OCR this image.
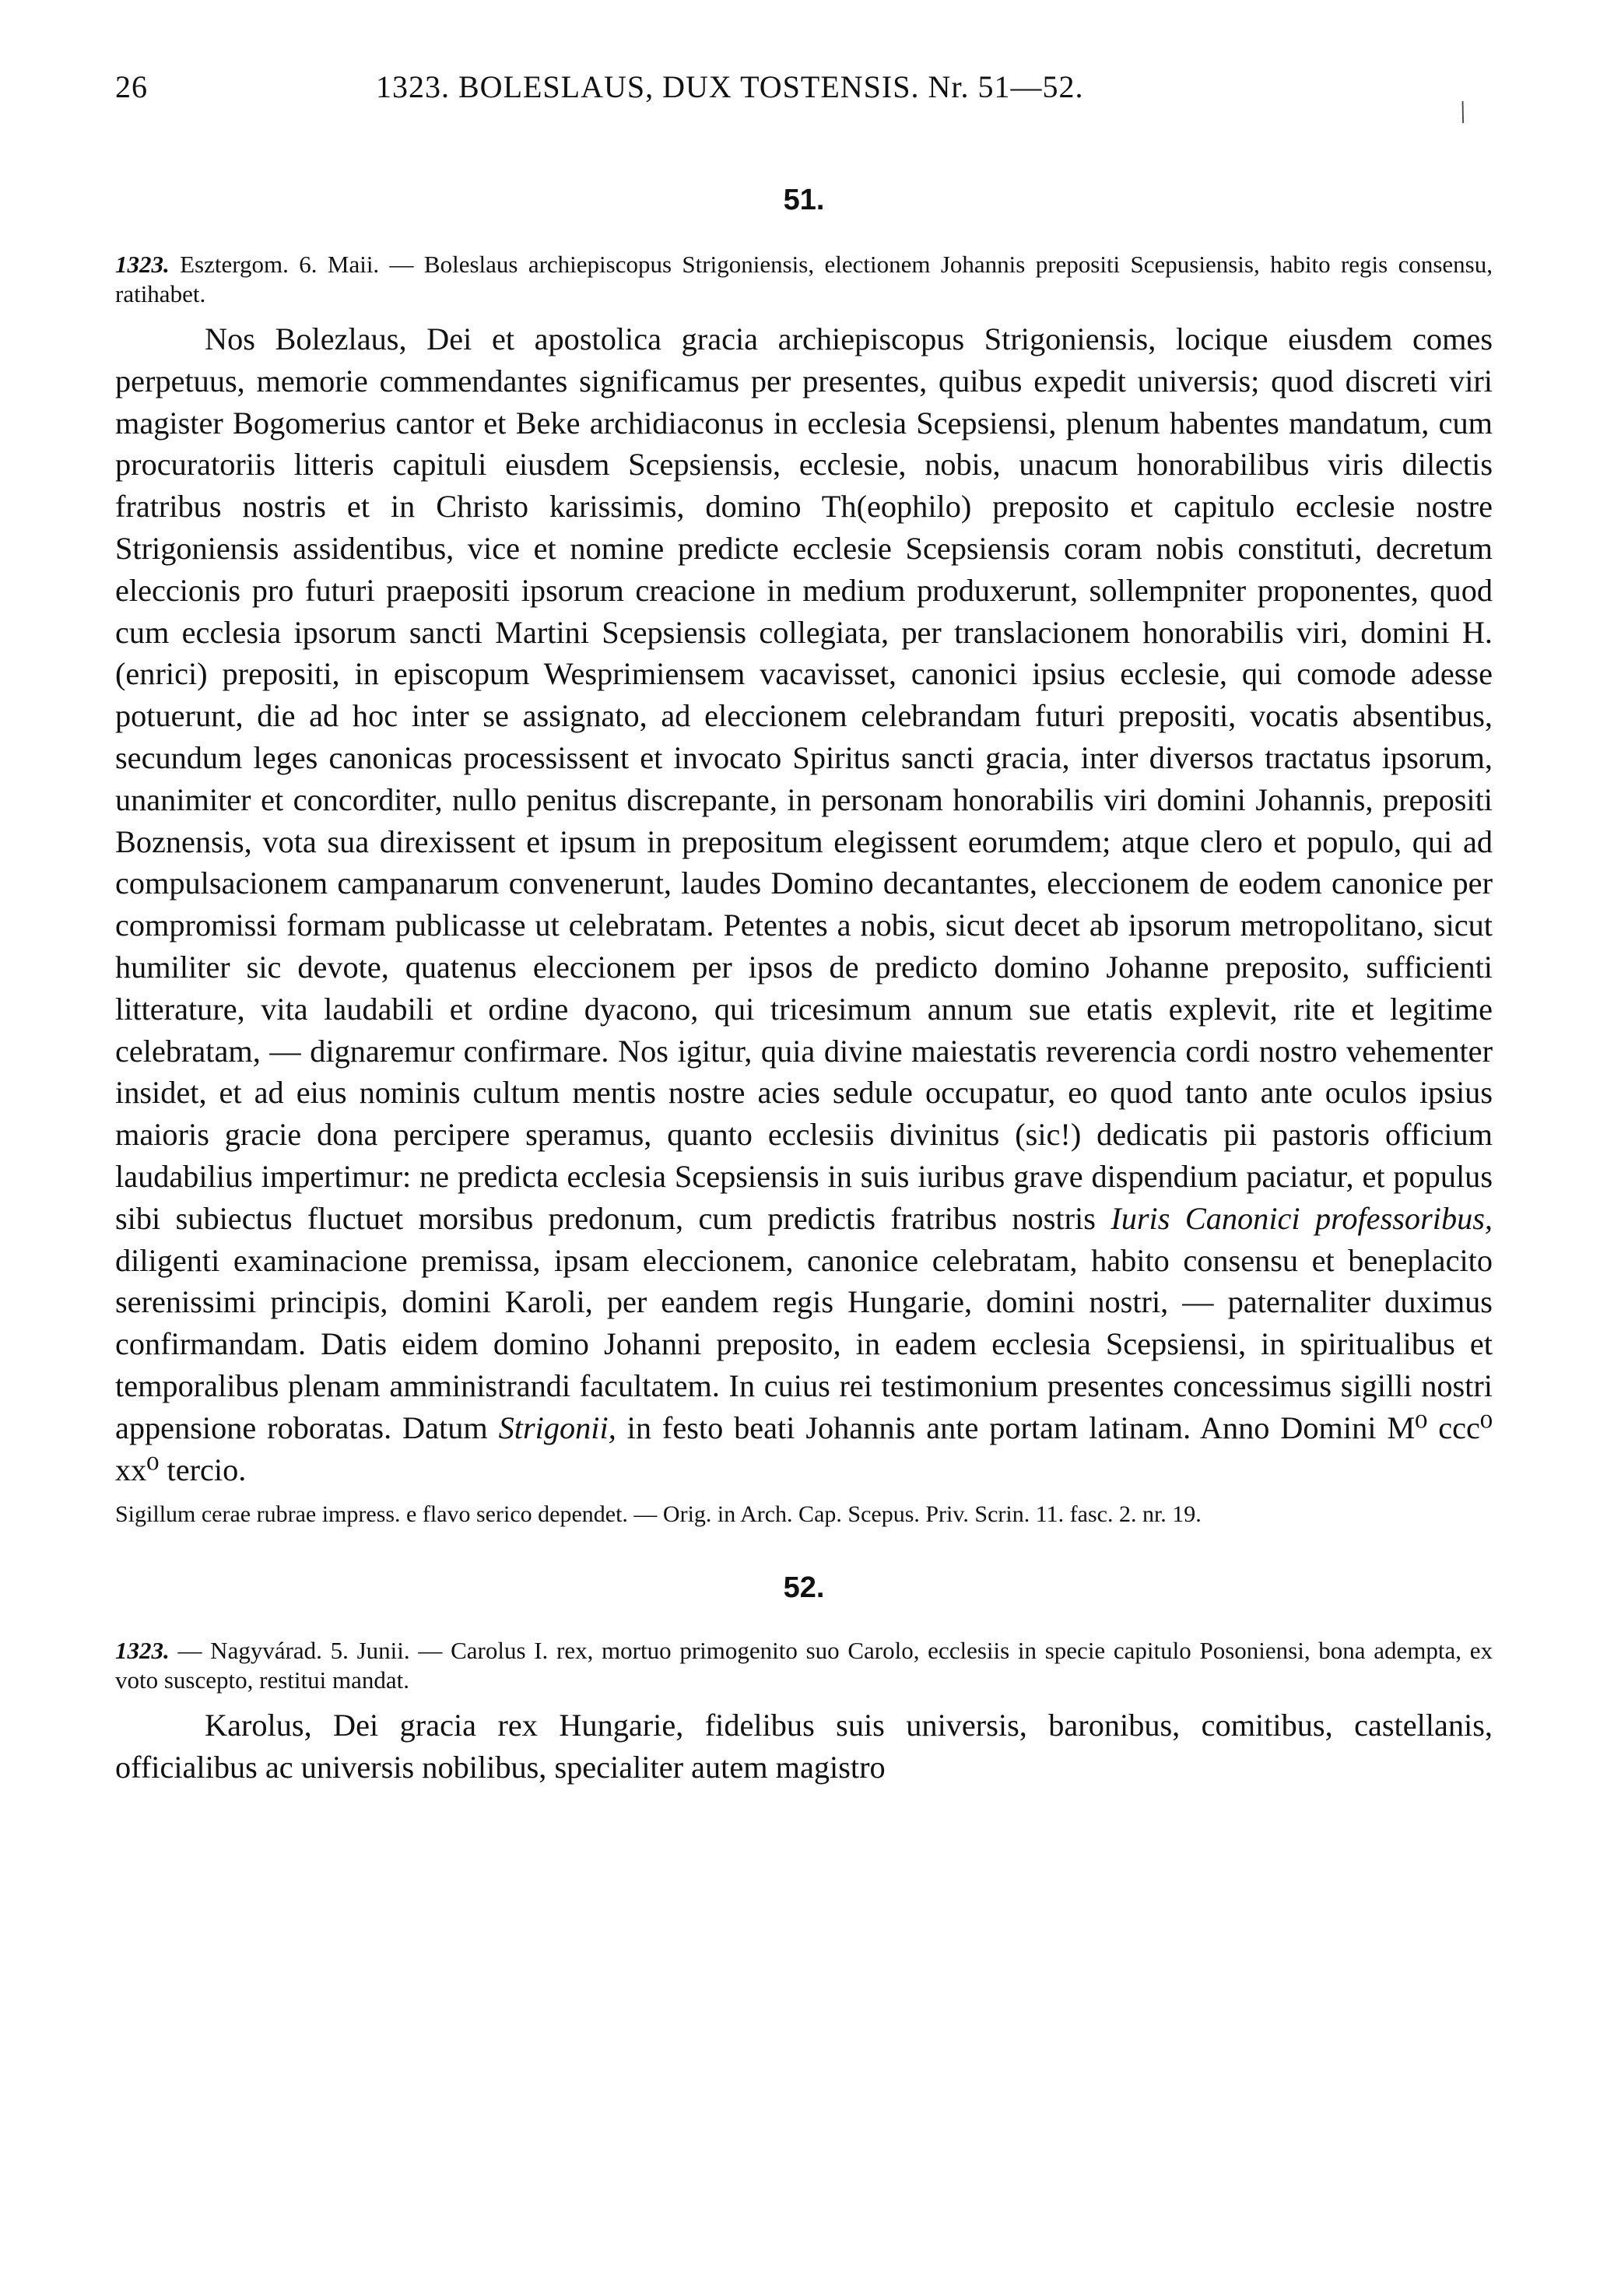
26	1323. BOLESLAUS, DUX TOSTENSIS. Nr. 51—52.
51.

1323. Esztergom. 6. Maii. — Boleslaus archiepiscopus Strigoniensis, electionem Johannis prepositi Scepusiensis, habito regis consensu, ratihabet.

Nos Bolezlaus, Dei et apostolica gracia archiepiscopus Strigoniensis, locique eiusdem comes perpetuus, memorie commendantes significamus per presentes, quibus expedit universis; quod discreti viri magister Bogomerius cantor et Beke archidiaconus in ecclesia Scepsiensi, plenum habentes mandatum, cum procuratoriis litteris capituli eiusdem Scepsiensis, ecclesie, nobis, unacum honorabilibus viris dilectis fratribus nostris et in Christo karissimis, domino Th(eophilo) preposito et capitulo ecclesie nostre Strigoniensis assidentibus, vice et nomine predicte ecclesie Scepsiensis coram nobis constituti, decretum eleccionis pro futuri praepositi ipsorum creacione in medium produxerunt, sollempniter proponentes, quod cum ecclesia ipsorum sancti Martini Scepsiensis collegiata, per translacionem honorabilis viri, domini H.(enrici) prepositi, in episcopum Wesprimiensem vacavisset, canonici ipsius ecclesie, qui comode adesse potuerunt, die ad hoc inter se assignato, ad eleccionem celebrandam futuri prepositi, vocatis absentibus, secundum leges canonicas processissent et invocato Spiritus sancti gracia, inter diversos tractatus ipsorum, unanimiter et concorditer, nullo penitus discrepante, in personam honorabilis viri domini Johannis, prepositi Boznensis, vota sua direxissent et ipsum in prepositum elegissent eorumdem; atque clero et populo, qui ad compulsacionem campanarum convenerunt, laudes Domino decantantes, eleccionem de eodem canonice per compromissi formam publicasse ut celebratam. Petentes a nobis, sicut decet ab ipsorum metropolitano, sicut humiliter sic devote, quatenus eleccionem per ipsos de predicto domino Johanne preposito, sufficienti litterature, vita laudabili et ordine dyacono, qui tricesimum annum sue etatis explevit, rite et legitime celebratam, — dignaremur confirmare. Nos igitur, quia divine maiestatis reverencia cordi nostro vehementer insidet, et ad eius nominis cultum mentis nostre acies sedule occupatur, eo quod tanto ante oculos ipsius maioris gracie dona percipere speramus, quanto ecclesiis divinitus (sic!) dedicatis pii pastoris officium laudabilius impertimur: ne predicta ecclesia Scepsiensis in suis iuribus grave dispendium paciatur, et populus sibi subiectus fluctuet morsibus predonum, cum predictis fratribus nostris Iuris Canonici professoribus, diligenti examinacione premissa, ipsam eleccionem, canonice celebratam, habito consensu et beneplacito serenissimi principis, domini Karoli, per eandem regis Hungarie, domini nostri, — paternaliter duximus confirmandam. Datis eidem domino Johanni preposito, in eadem ecclesia Scepsiensi, in spiritualibus et temporalibus plenam amministrandi facultatem. In cuius rei testimonium presentes concessimus sigilli nostri appensione roboratas. Datum Strigonii, in festo beati Johannis ante portam latinam. Anno Domini M⁰ ccc⁰ xx⁰ tercio.

Sigillum cerae rubrae impress. e flavo serico dependet. — Orig. in Arch. Cap. Scepus. Priv. Scrin. 11. fasc. 2. nr. 19.

52.

1323. — Nagyvárad. 5. Junii. — Carolus I. rex, mortuo primogenito suo Carolo, ecclesiis in specie capitulo Posoniensi, bona adempta, ex voto suscepto, restitui mandat.

Karolus, Dei gracia rex Hungarie, fidelibus suis universis, baronibus, comitibus, castellanis, officialibus ac universis nobilibus, specialiter autem magistro

/
